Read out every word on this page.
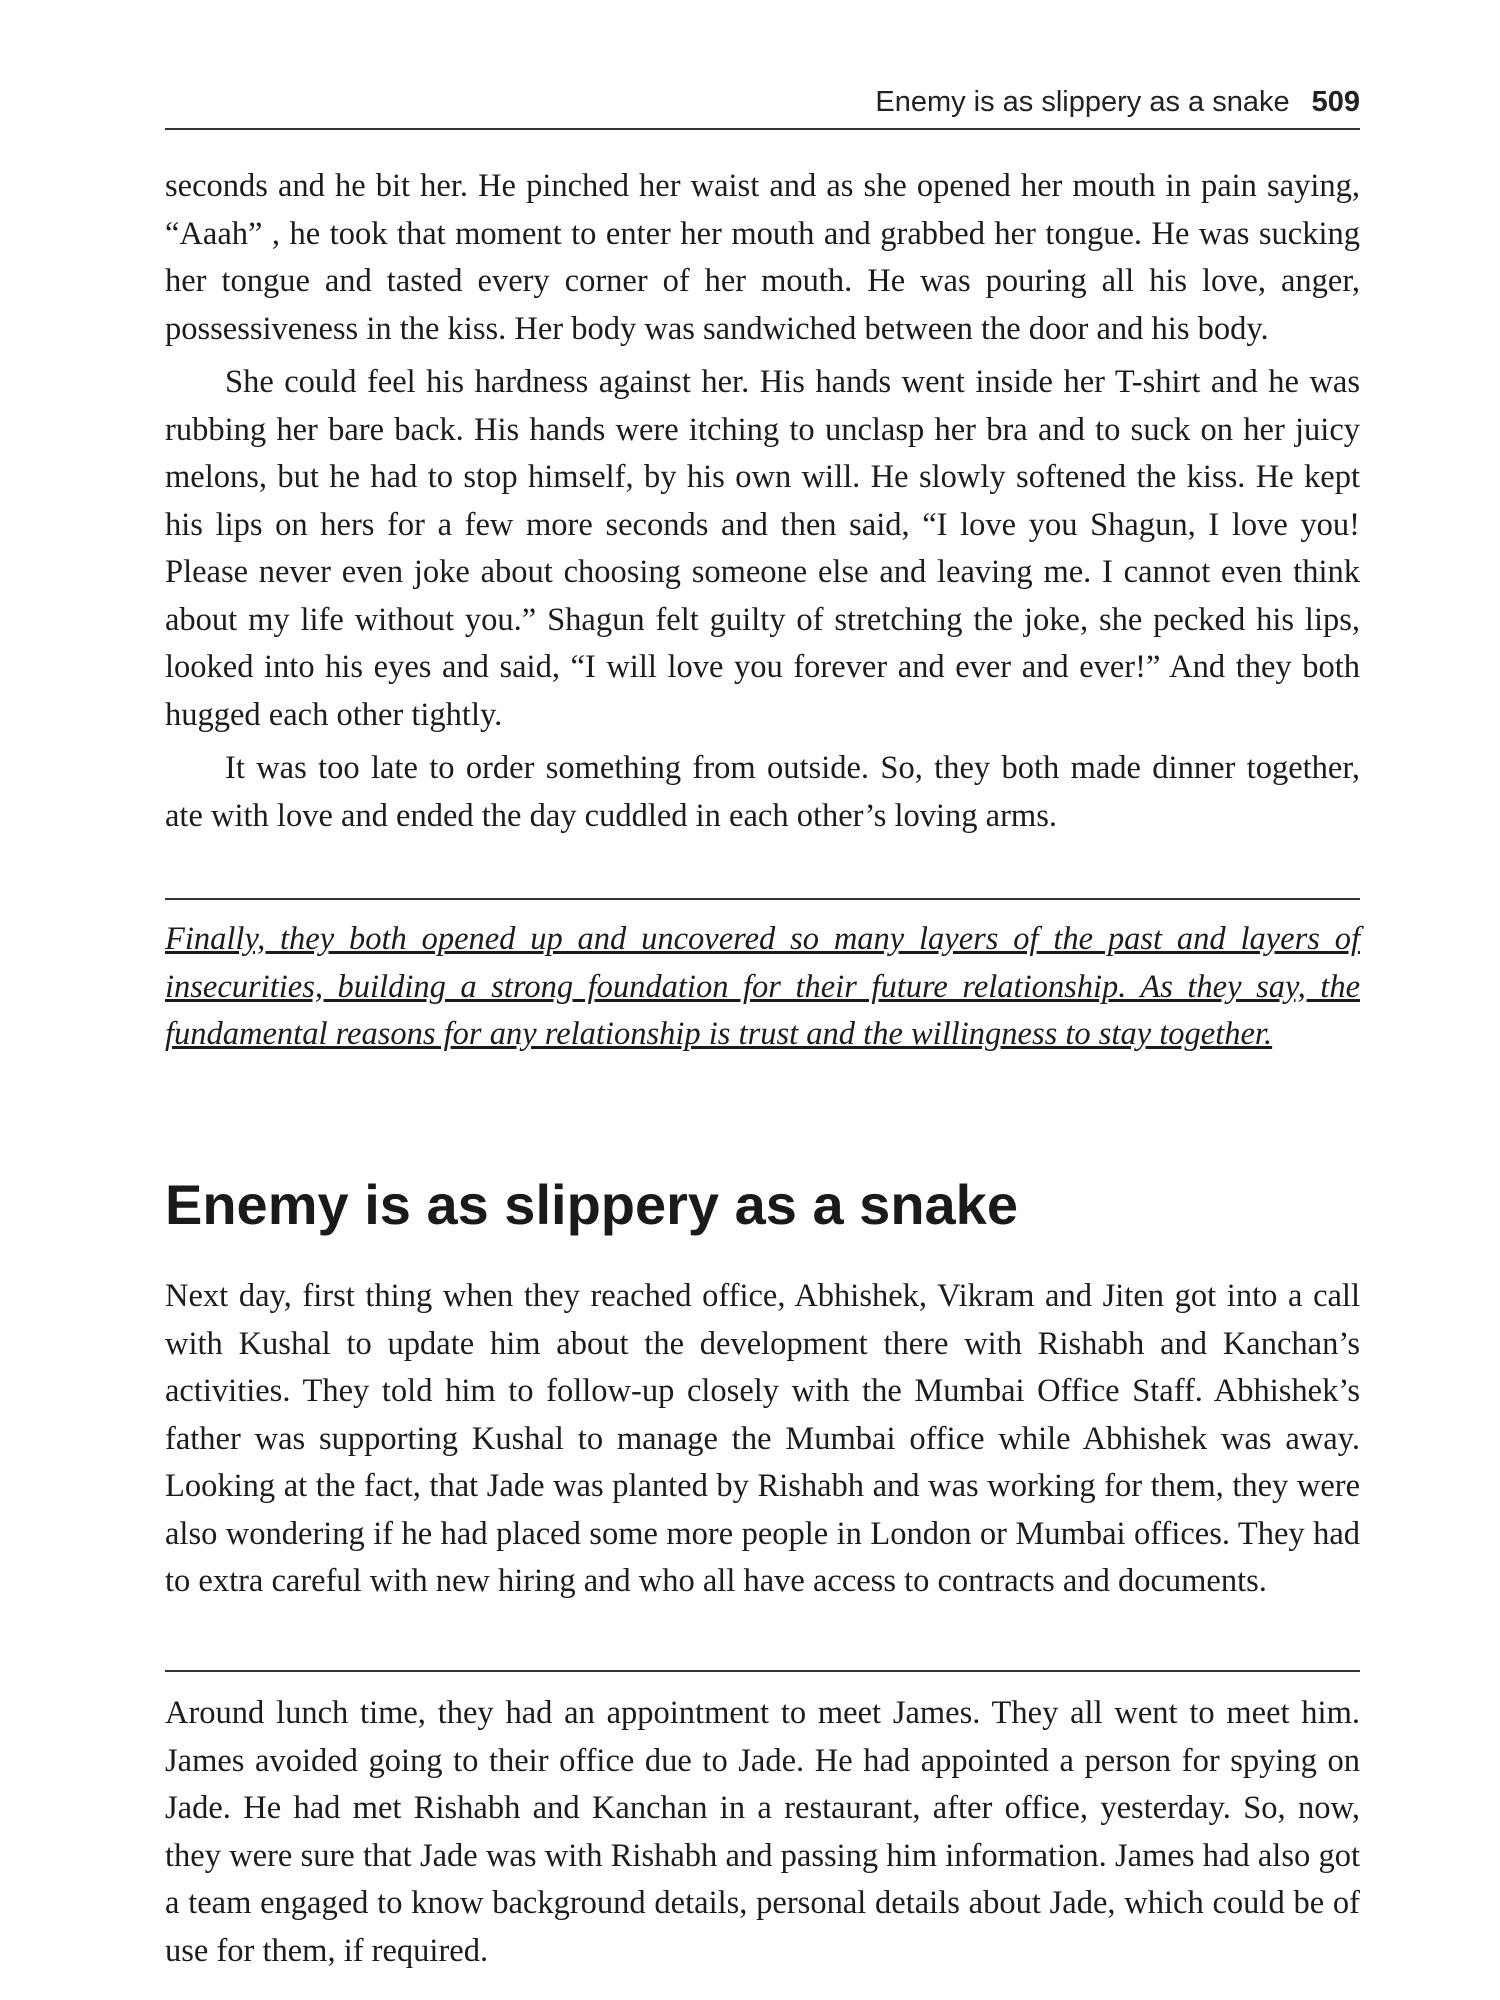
Enemy is as slippery as a snake 509

seconds and he bit her. He pinched her waist and as she opened her mouth in pain saying, “Aaah” , he took that moment to enter her mouth and grabbed her tongue. He was sucking her tongue and tasted every corner of her mouth. He was pouring all his love, anger, possessiveness in the kiss. Her body was sandwiched between the door and his body.

She could feel his hardness against her. His hands went inside her T-shirt and he was rubbing her bare back. His hands were itching to unclasp her bra and to suck on her juicy melons, but he had to stop himself, by his own will. He slowly softened the kiss. He kept his lips on hers for a few more seconds and then said, “I love you Shagun, I love you! Please never even joke about choosing someone else and leaving me. I cannot even think about my life without you.” Shagun felt guilty of stretching the joke, she pecked his lips, looked into his eyes and said, “I will love you forever and ever and ever!” And they both hugged each other tightly.

It was too late to order something from outside. So, they both made dinner together, ate with love and ended the day cuddled in each other’s loving arms.

Finally, they both opened up and uncovered so many layers of the past and layers of insecurities, building a strong foundation for their future relationship. As they say, the fundamental reasons for any relationship is trust and the willingness to stay together.
Enemy is as slippery as a snake

Next day, first thing when they reached office, Abhishek, Vikram and Jiten got into a call with Kushal to update him about the development there with Rishabh and Kanchan’s activities. They told him to follow-up closely with the Mumbai Office Staff. Abhishek’s father was supporting Kushal to manage the Mumbai office while Abhishek was away. Looking at the fact, that Jade was planted by Rishabh and was working for them, they were also wondering if he had placed some more people in London or Mumbai offices. They had to extra careful with new hiring and who all have access to contracts and documents.

Around lunch time, they had an appointment to meet James. They all went to meet him. James avoided going to their office due to Jade. He had appointed a person for spying on Jade. He had met Rishabh and Kanchan in a restaurant, after office, yesterday. So, now, they were sure that Jade was with Rishabh and passing him information. James had also got a team engaged to know background details, personal details about Jade, which could be of use for them, if required.
